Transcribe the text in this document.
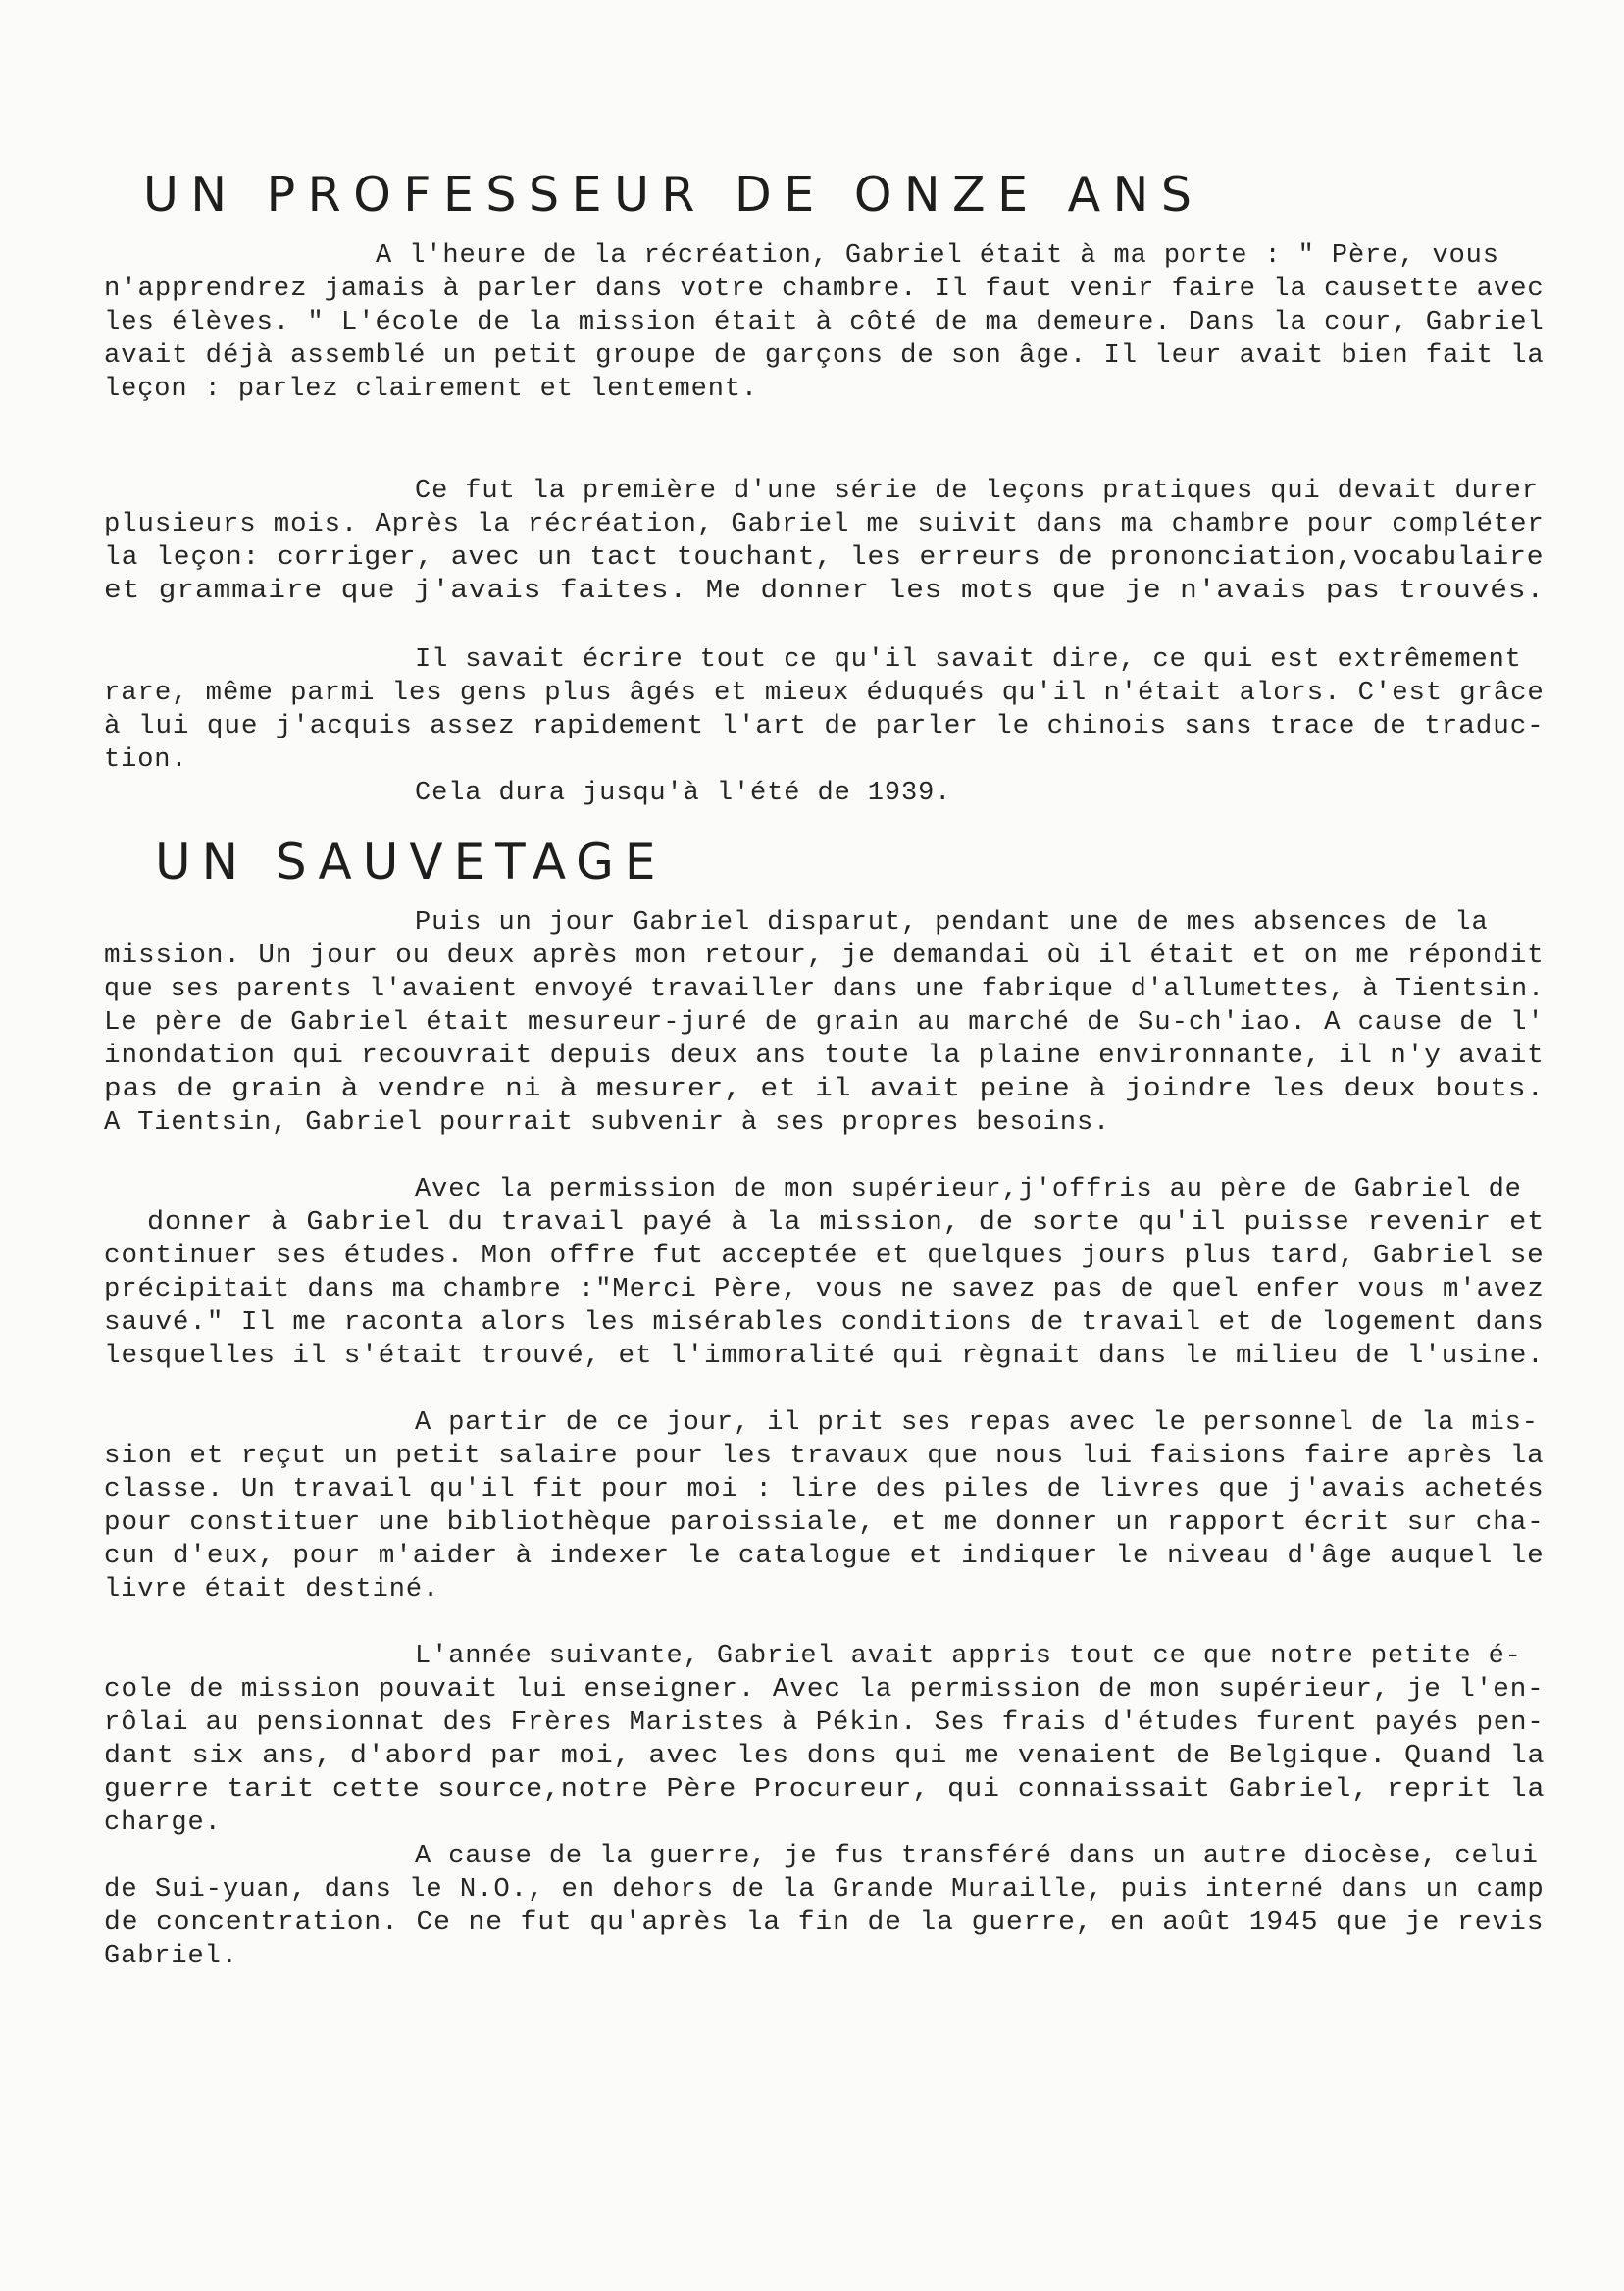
UN PROFESSEUR DE ONZE ANS
A l'heure de la récréation, Gabriel était à ma porte : " Père, vous
n'apprendrez jamais à parler dans votre chambre. Il faut venir faire la causette avec
les élèves. " L'école de la mission était à côté de ma demeure. Dans la cour, Gabriel
avait déjà assemblé un petit groupe de garçons de son âge. Il leur avait bien fait la
leçon : parlez clairement et lentement.
Ce fut la première d'une série de leçons pratiques qui devait durer
plusieurs mois. Après la récréation, Gabriel me suivit dans ma chambre pour compléter
la leçon: corriger, avec un tact touchant, les erreurs de prononciation,vocabulaire
et grammaire que j'avais faites. Me donner les mots que je n'avais pas trouvés.
Il savait écrire tout ce qu'il savait dire, ce qui est extrêmement
rare, même parmi les gens plus âgés et mieux éduqués qu'il n'était alors. C'est grâce
à lui que j'acquis assez rapidement l'art de parler le chinois sans trace de traduc-
tion.
Cela dura jusqu'à l'été de 1939.
UN SAUVETAGE
Puis un jour Gabriel disparut, pendant une de mes absences de la
mission. Un jour ou deux après mon retour, je demandai où il était et on me répondit
que ses parents l'avaient envoyé travailler dans une fabrique d'allumettes, à Tientsin.
Le père de Gabriel était mesureur-juré de grain au marché de Su-ch'iao. A cause de l'
inondation qui recouvrait depuis deux ans toute la plaine environnante, il n'y avait
pas de grain à vendre ni à mesurer, et il avait peine à joindre les deux bouts.
A Tientsin, Gabriel pourrait subvenir à ses propres besoins.
Avec la permission de mon supérieur,j'offris au père de Gabriel de
donner à Gabriel du travail payé à la mission, de sorte qu'il puisse revenir et
continuer ses études. Mon offre fut acceptée et quelques jours plus tard, Gabriel se
précipitait dans ma chambre :"Merci Père, vous ne savez pas de quel enfer vous m'avez
sauvé." Il me raconta alors les misérables conditions de travail et de logement dans
lesquelles il s'était trouvé, et l'immoralité qui règnait dans le milieu de l'usine.
A partir de ce jour, il prit ses repas avec le personnel de la mis-
sion et reçut un petit salaire pour les travaux que nous lui faisions faire après la
classe. Un travail qu'il fit pour moi : lire des piles de livres que j'avais achetés
pour constituer une bibliothèque paroissiale, et me donner un rapport écrit sur cha-
cun d'eux, pour m'aider à indexer le catalogue et indiquer le niveau d'âge auquel le
livre était destiné.
L'année suivante, Gabriel avait appris tout ce que notre petite é-
cole de mission pouvait lui enseigner. Avec la permission de mon supérieur, je l'en-
rôlai au pensionnat des Frères Maristes à Pékin. Ses frais d'études furent payés pen-
dant six ans, d'abord par moi, avec les dons qui me venaient de Belgique. Quand la
guerre tarit cette source,notre Père Procureur, qui connaissait Gabriel, reprit la
charge.
A cause de la guerre, je fus transféré dans un autre diocèse, celui
de Sui-yuan, dans le N.O., en dehors de la Grande Muraille, puis interné dans un camp
de concentration. Ce ne fut qu'après la fin de la guerre, en août 1945 que je revis
Gabriel.
